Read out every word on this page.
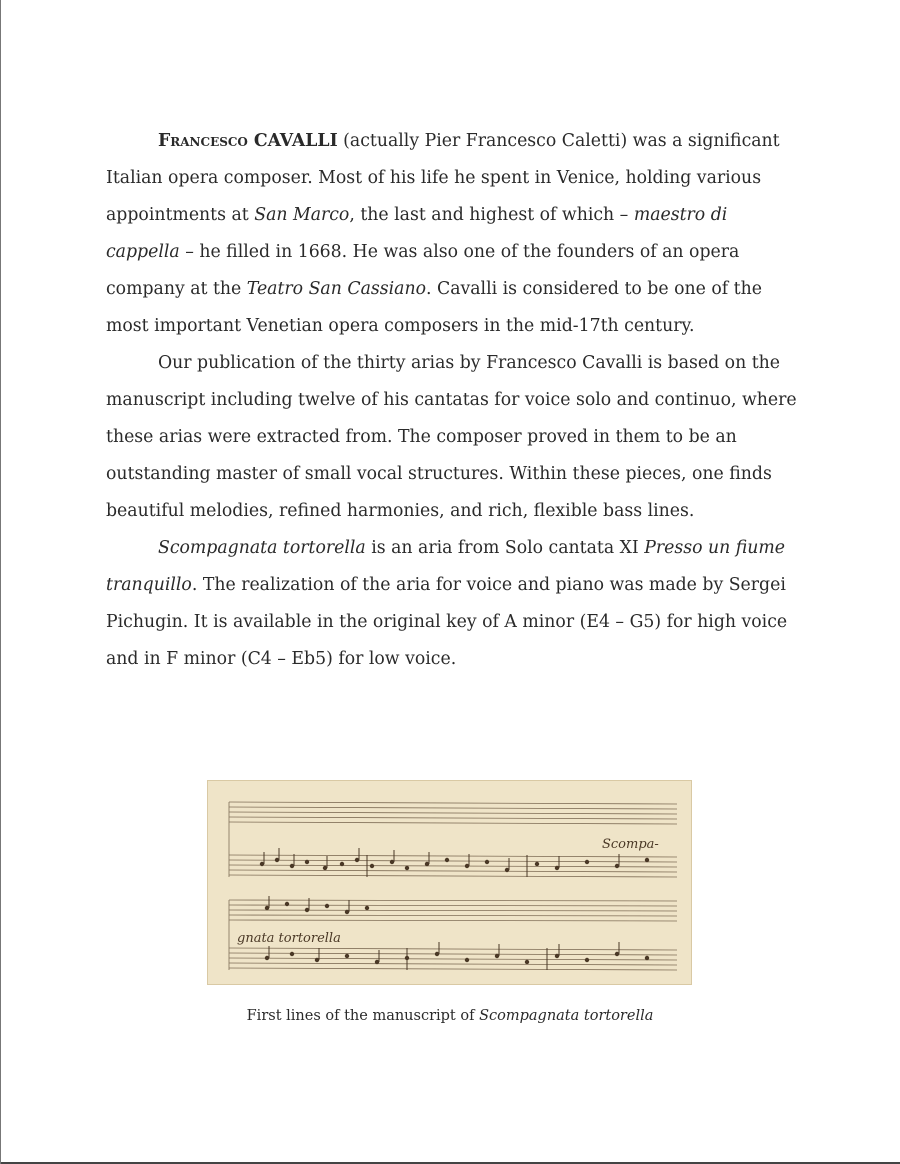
Francesco CAVALLI (actually Pier Francesco Caletti) was a significant Italian opera composer. Most of his life he spent in Venice, holding various appointments at San Marco, the last and highest of which – maestro di cappella – he filled in 1668. He was also one of the founders of an opera company at the Teatro San Cassiano. Cavalli is considered to be one of the most important Venetian opera composers in the mid-17th century.

Our publication of the thirty arias by Francesco Cavalli is based on the manuscript including twelve of his cantatas for voice solo and continuo, where these arias were extracted from. The composer proved in them to be an outstanding master of small vocal structures. Within these pieces, one finds beautiful melodies, refined harmonies, and rich, flexible bass lines.

Scompagnata tortorella is an aria from Solo cantata XI Presso un fiume tranquillo. The realization of the aria for voice and piano was made by Sergei Pichugin. It is available in the original key of A minor (E4 – G5) for high voice and in F minor (C4 – Eb5) for low voice.

Scompa-
gnata tortorella
First lines of the manuscript of Scompagnata tortorella
